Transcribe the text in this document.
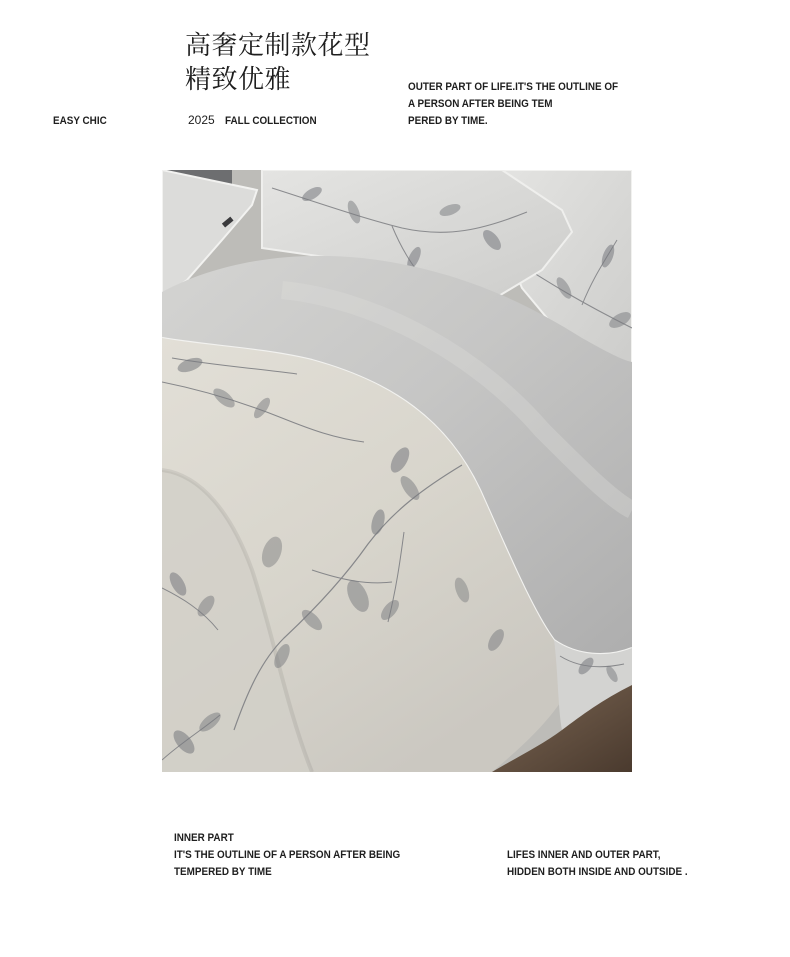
高奢定制款花型
精致优雅
EASY CHIC	2025 FALL COLLECTION
OUTER PART OF LIFE.IT'S THE OUTLINE OF
A PERSON AFTER BEING TEM
PERED BY TIME.
INNER PART
IT'S THE OUTLINE OF A PERSON AFTER BEING
TEMPERED BY TIME
LIFES INNER AND OUTER PART,
HIDDEN BOTH INSIDE AND OUTSIDE .
